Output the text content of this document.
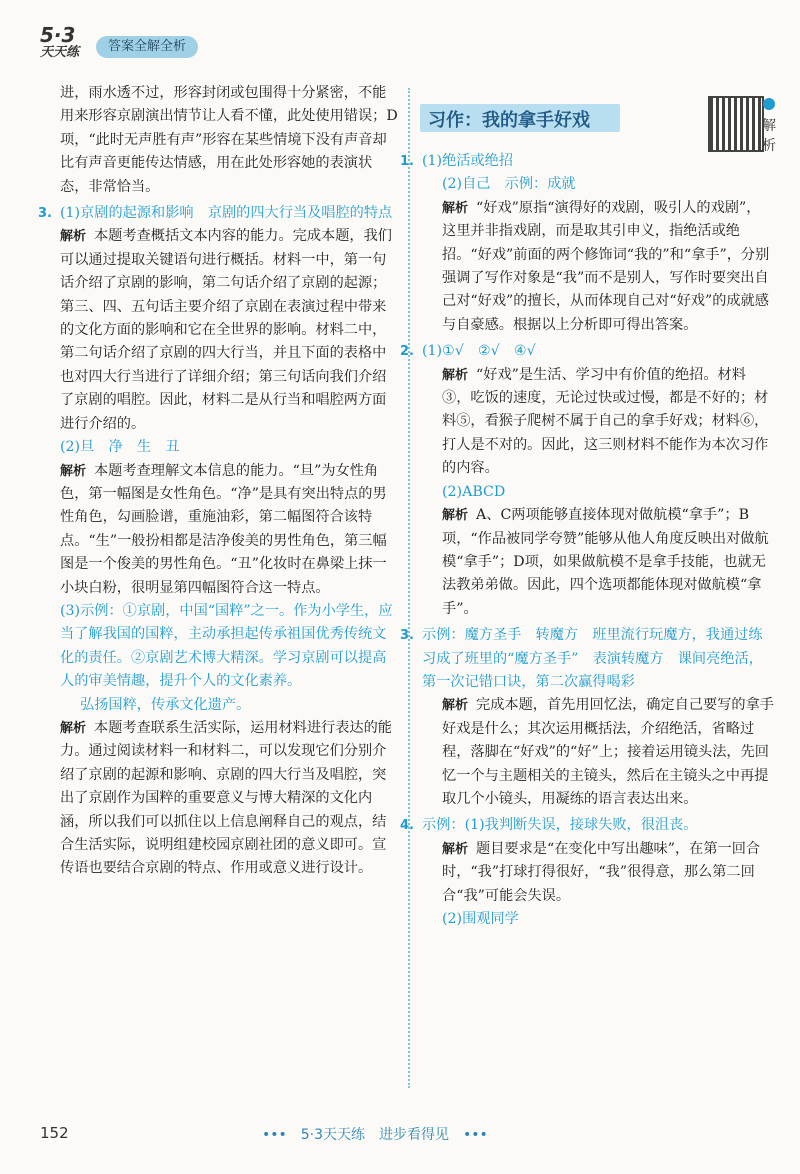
5·3
天天练	答案全解全析
进，雨水透不过，形容封闭或包围得十分紧密，不能用来形容京剧演出情节让人看不懂，此处使用错误；D项，“此时无声胜有声”形容在某些情境下没有声音却比有声音更能传达情感，用在此处形容她的表演状态，非常恰当。
3. (1)京剧的起源和影响　京剧的四大行当及唱腔的特点
解析 本题考查概括文本内容的能力。完成本题，我们可以通过提取关键语句进行概括。材料一中，第一句话介绍了京剧的影响，第二句话介绍了京剧的起源；第三、四、五句话主要介绍了京剧在表演过程中带来的文化方面的影响和它在全世界的影响。材料二中，第二句话介绍了京剧的四大行当，并且下面的表格中也对四大行当进行了详细介绍；第三句话向我们介绍了京剧的唱腔。因此，材料二是从行当和唱腔两方面进行介绍的。
(2)旦　净　生　丑
解析 本题考查理解文本信息的能力。“旦”为女性角色，第一幅图是女性角色。“净”是具有突出特点的男性角色，勾画脸谱，重施油彩，第二幅图符合该特点。“生”一般扮相都是洁净俊美的男性角色，第三幅图是一个俊美的男性角色。“丑”化妆时在鼻梁上抹一小块白粉，很明显第四幅图符合这一特点。
(3)示例：①京剧，中国“国粹”之一。作为小学生，应当了解我国的国粹，主动承担起传承祖国优秀传统文化的责任。②京剧艺术博大精深。学习京剧可以提高人的审美情趣，提升个人的文化素养。
弘扬国粹，传承文化遗产。
解析 本题考查联系生活实际，运用材料进行表达的能力。通过阅读材料一和材料二，可以发现它们分别介绍了京剧的起源和影响、京剧的四大行当及唱腔，突出了京剧作为国粹的重要意义与博大精深的文化内涵，所以我们可以抓住以上信息阐释自己的观点，结合生活实际，说明组建校园京剧社团的意义即可。宣传语也要结合京剧的特点、作用或意义进行设计。
习作：我的拿手好戏	解析
1. (1)绝活或绝招
(2)自己　示例：成就
解析 “好戏”原指“演得好的戏剧，吸引人的戏剧”，这里并非指戏剧，而是取其引申义，指绝活或绝招。“好戏”前面的两个修饰词“我的”和“拿手”，分别强调了写作对象是“我”而不是别人，写作时要突出自己对“好戏”的擅长，从而体现自己对“好戏”的成就感与自豪感。根据以上分析即可得出答案。
2. (1)①√　②√　④√
解析 “好戏”是生活、学习中有价值的绝招。材料③，吃饭的速度，无论过快或过慢，都是不好的；材料⑤，看猴子爬树不属于自己的拿手好戏；材料⑥，打人是不对的。因此，这三则材料不能作为本次习作的内容。
(2)ABCD
解析 A、C两项能够直接体现对做航模“拿手”；B项，“作品被同学夸赞”能够从他人角度反映出对做航模“拿手”；D项，如果做航模不是拿手技能，也就无法教弟弟做。因此，四个选项都能体现对做航模“拿手”。
3. 示例：魔方圣手　转魔方　班里流行玩魔方，我通过练习成了班里的“魔方圣手”　表演转魔方　课间亮绝活，第一次记错口诀，第二次赢得喝彩
解析 完成本题，首先用回忆法，确定自己要写的拿手好戏是什么；其次运用概括法，介绍绝活，省略过程，落脚在“好戏”的“好”上；接着运用镜头法，先回忆一个与主题相关的主镜头，然后在主镜头之中再提取几个小镜头，用凝练的语言表达出来。
4. 示例：(1)我判断失误，接球失败，很沮丧。
解析 题目要求是“在变化中写出趣味”，在第一回合时，“我”打球打得很好，“我”很得意，那么第二回合“我”可能会失误。
(2)围观同学
152	•••　5·3天天练　进步看得见　•••
